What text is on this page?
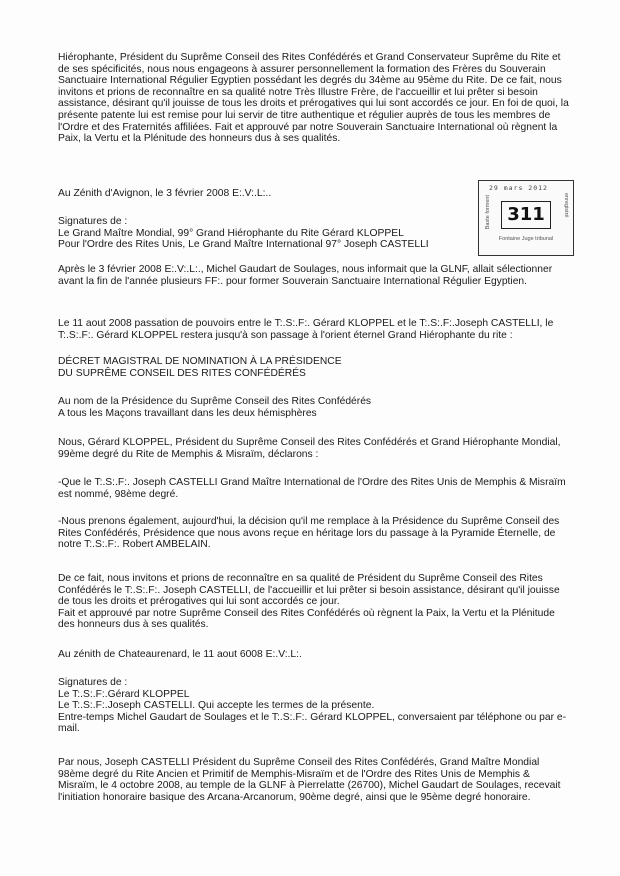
Hiérophante, Président du Suprême Conseil des Rites Confédérés et Grand Conservateur Suprême du Rite et de ses spécificités, nous nous engageons à assurer personnellement la formation des Frères du Souverain Sanctuaire International Régulier Egyptien possédant les degrés du 34ème au 95ème du Rite. De ce fait, nous invitons et prions de reconnaître en sa qualité notre Très Illustre Frère, de l'accueillir et lui prêter si besoin assistance, désirant qu'il jouisse de tous les droits et prérogatives qui lui sont accordés ce jour. En foi de quoi, la présente patente lui est remise pour lui servir de titre authentique et régulier auprès de tous les membres de l'Ordre et des Fraternités affiliées. Fait et approuvé par notre Souverain Sanctuaire International où règnent la Paix, la Vertu et la Plénitude des honneurs dus à ses qualités.

Au Zénith d'Avignon, le 3 février 2008 E:.V:.L:..

Signatures de :
Le Grand Maître Mondial, 99° Grand Hiérophante du Rite Gérard KLOPPEL
Pour l'Ordre des Rites Unis, Le Grand Maître International 97° Joseph CASTELLI

29 mars 2012
Baste forment 311	enregistré
Fontaine Juge tribunal

Après le 3 février 2008 E:.V:.L:., Michel Gaudart de Soulages, nous informait que la GLNF, allait sélectionner avant la fin de l'année plusieurs FF:. pour former Souverain Sanctuaire International Régulier Egyptien.

Le 11 aout 2008 passation de pouvoirs entre le T:.S:.F:. Gérard KLOPPEL et le T:.S:.F:.Joseph CASTELLI, le T:.S:.F:. Gérard KLOPPEL restera jusqu'à son passage à l'orient éternel Grand Hiérophante du rite :

DÉCRET MAGISTRAL DE NOMINATION À LA PRÉSIDENCE
DU SUPRÊME CONSEIL DES RITES CONFÉDÉRÉS

Au nom de la Présidence du Suprême Conseil des Rites Confédérés
A tous les Maçons travaillant dans les deux hémisphères

Nous, Gérard KLOPPEL, Président du Suprême Conseil des Rites Confédérés et Grand Hiérophante Mondial, 99ème degré du Rite de Memphis & Misraïm, déclarons :

-Que le T:.S:.F:. Joseph CASTELLI Grand Maître International de l'Ordre des Rites Unis de Memphis & Misraïm est nommé, 98ème degré.

-Nous prenons également, aujourd'hui, la décision qu'il me remplace à la Présidence du Suprême Conseil des Rites Confédérés, Présidence que nous avons reçue en héritage lors du passage à la Pyramide Éternelle, de notre T:.S:.F:. Robert AMBELAIN.

De ce fait, nous invitons et prions de reconnaître en sa qualité de Président du Suprême Conseil des Rites Confédérés le T:.S:.F:. Joseph CASTELLI, de l'accueillir et lui prêter si besoin assistance, désirant qu'il jouisse de tous les droits et prérogatives qui lui sont accordés ce jour.
Fait et approuvé par notre Suprême Conseil des Rites Confédérés où règnent la Paix, la Vertu et la Plénitude des honneurs dus à ses qualités.

Au zénith de Chateaurenard, le 11 aout 6008 E:.V:.L:.

Signatures de :
Le T:.S:.F:.Gérard KLOPPEL
Le T:.S:.F:.Joseph CASTELLI. Qui accepte les termes de la présente.
Entre-temps Michel Gaudart de Soulages et le T:.S:.F:. Gérard KLOPPEL, conversaient par téléphone ou par e-mail.

Par nous, Joseph CASTELLI Président du Suprême Conseil des Rites Confédérés, Grand Maître Mondial 98ème degré du Rite Ancien et Primitif de Memphis-Misraïm et de l'Ordre des Rites Unis de Memphis & Misraïm, le 4 octobre 2008, au temple de la GLNF à Pierrelatte (26700), Michel Gaudart de Soulages, recevait l'initiation honoraire basique des Arcana-Arcanorum, 90ème degré, ainsi que le 95ème degré honoraire.
